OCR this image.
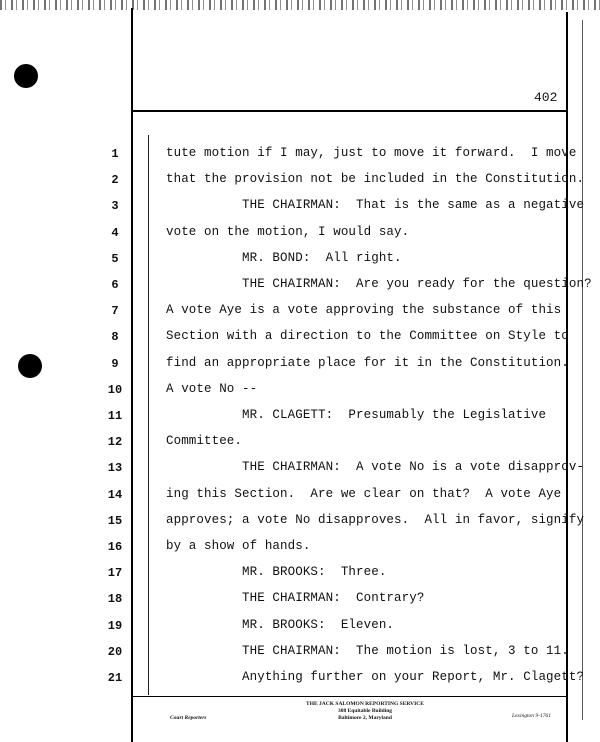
402
1	tute motion if I may, just to move it forward.  I move
2	that the provision not be included in the Constitution.
3	THE CHAIRMAN:  That is the same as a negative
4	vote on the motion, I would say.
5	MR. BOND:  All right.
6	THE CHAIRMAN:  Are you ready for the question?
7	A vote Aye is a vote approving the substance of this
8	Section with a direction to the Committee on Style to
9	find an appropriate place for it in the Constitution.
10	A vote No --
11	MR. CLAGETT:  Presumably the Legislative
12	Committee.
13	THE CHAIRMAN:  A vote No is a vote disapprov-
14	ing this Section.  Are we clear on that?  A vote Aye
15	approves; a vote No disapproves.  All in favor, signify
16	by a show of hands.
17	MR. BROOKS:  Three.
18	THE CHAIRMAN:  Contrary?
19	MR. BROOKS:  Eleven.
20	THE CHAIRMAN:  The motion is lost, 3 to 11.
21	Anything further on your Report, Mr. Clagett?
THE JACK SALOMON REPORTING SERVICE
308 Equitable Building
Baltimore 2, Maryland
Court Reporters	Lexington 9-1761
